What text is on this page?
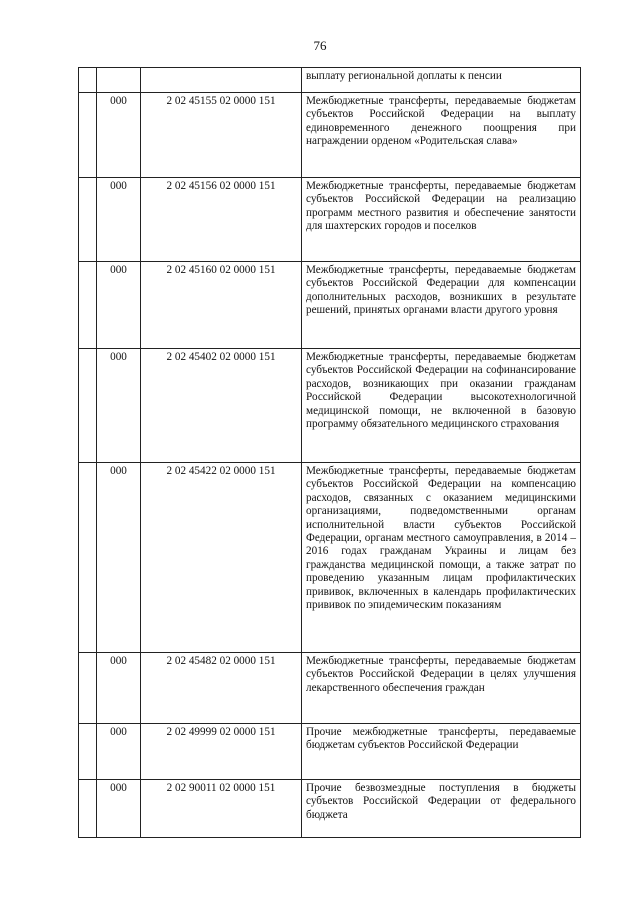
76
			выплату региональной доплаты к пенсии
	000	2 02 45155 02 0000 151	Межбюджетные трансферты, передаваемые бюджетам субъектов Российской Федерации на выплату единовременного денежного поощрения при награждении орденом «Родительская слава»
	000	2 02 45156 02 0000 151	Межбюджетные трансферты, передаваемые бюджетам субъектов Российской Федерации на реализацию программ местного развития и обеспечение занятости для шахтерских городов и поселков
	000	2 02 45160 02 0000 151	Межбюджетные трансферты, передаваемые бюджетам субъектов Российской Федерации для компенсации дополнительных расходов, возникших в результате решений, принятых органами власти другого уровня
	000	2 02 45402 02 0000 151	Межбюджетные трансферты, передаваемые бюджетам субъектов Российской Федерации на софинансирование расходов, возникающих при оказании гражданам Российской Федерации высокотехнологичной медицинской помощи, не включенной в базовую программу обязательного медицинского страхования
	000	2 02 45422 02 0000 151	Межбюджетные трансферты, передаваемые бюджетам субъектов Российской Федерации на компенсацию расходов, связанных с оказанием медицинскими организациями, подведомственными органам исполнительной власти субъектов Российской Федерации, органам местного самоуправления, в 2014 – 2016 годах гражданам Украины и лицам без гражданства медицинской помощи, а также затрат по проведению указанным лицам профилактических прививок, включенных в календарь профилактических прививок по эпидемическим показаниям
	000	2 02 45482 02 0000 151	Межбюджетные трансферты, передаваемые бюджетам субъектов Российской Федерации в целях улучшения лекарственного обеспечения граждан
	000	2 02 49999 02 0000 151	Прочие межбюджетные трансферты, передаваемые бюджетам субъектов Российской Федерации
	000	2 02 90011 02 0000 151	Прочие безвозмездные поступления в бюджеты субъектов Российской Федерации от федерального бюджета
